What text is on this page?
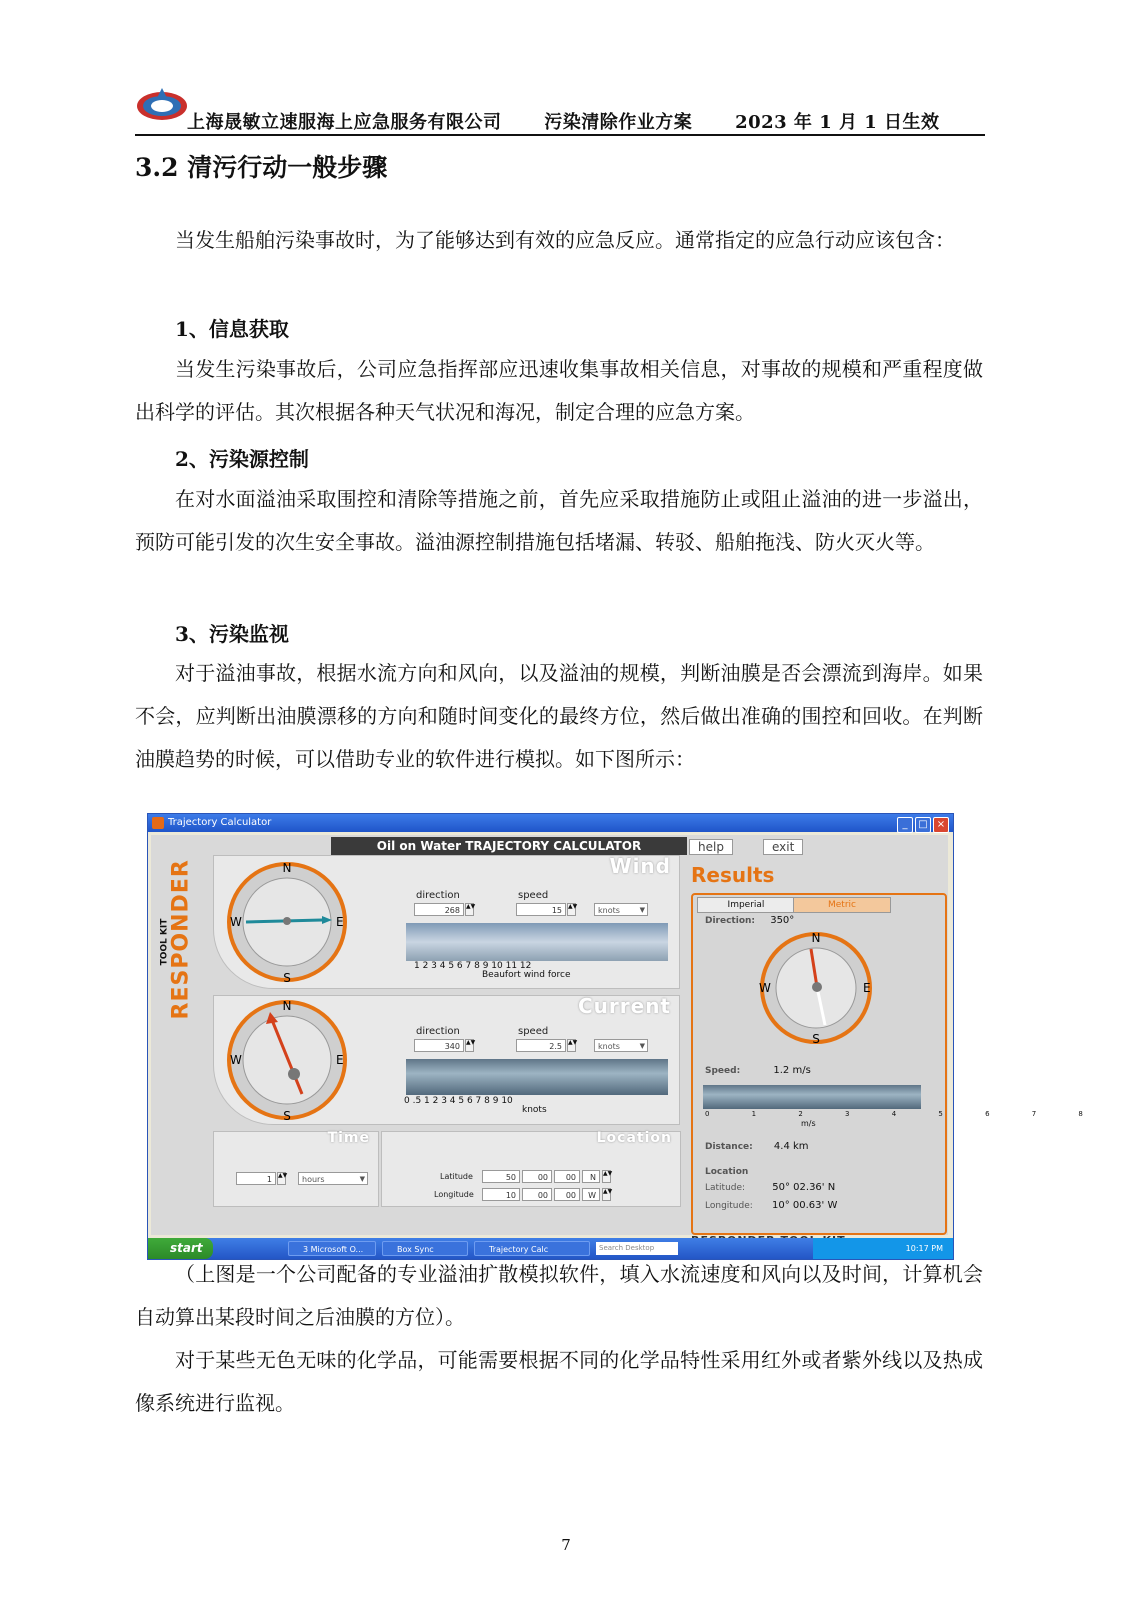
上海晟敏立速服海上应急服务有限公司 污染清除作业方案 2023 年 1 月 1 日生效
3.2 清污行动一般步骤
当发生船舶污染事故时，为了能够达到有效的应急反应。通常指定的应急行动应该包含：
1、信息获取
当发生污染事故后，公司应急指挥部应迅速收集事故相关信息，对事故的规模和严重程度做出科学的评估。其次根据各种天气状况和海况，制定合理的应急方案。
2、污染源控制
在对水面溢油采取围控和清除等措施之前，首先应采取措施防止或阻止溢油的进一步溢出，预防可能引发的次生安全事故。溢油源控制措施包括堵漏、转驳、船舶拖浅、防火灭火等。
3、污染监视
对于溢油事故，根据水流方向和风向，以及溢油的规模，判断油膜是否会漂流到海岸。如果不会，应判断出油膜漂移的方向和随时间变化的最终方位，然后做出准确的围控和回收。在判断油膜趋势的时候，可以借助专业的软件进行模拟。如下图所示：
Trajectory Calculator	_ □ ×
Oil on Water TRAJECTORY CALCULATOR	help	exit
RESPONDER
TOOL KIT
Wind
N
S
W	E
direction
268	▲▼
speed
15	▲▼	knots ▼
1 2 3 4 5 6 7 8 9 10 11 12
Beaufort wind force
Current
N
S
W	E
direction
340	▲▼
speed
2.5	▲▼	knots ▼
0 .5 1 2 3 4 5 6 7 8 9 10
knots
Time
1	▲▼	hours ▼
Location
Latitude	50	00	00	N	▲▼
Longitude	10	00	00	W	▲▼
Results
Imperial	Metric
Direction: 350°
N
S
W	E
Speed:	1.2 m/s
0 1 2 3 4 5 6 7 8
m/s
Distance: 4.4 km
Location
Latitude:	50° 02.36' N
Longitude: 10° 00.63' W
start	3 Microsoft O...	Box Sync	Trajectory Calc	Search Desktop	10:17 PM
（上图是一个公司配备的专业溢油扩散模拟软件，填入水流速度和风向以及时间，计算机会自动算出某段时间之后油膜的方位）。
对于某些无色无味的化学品，可能需要根据不同的化学品特性采用红外或者紫外线以及热成像系统进行监视。
7
